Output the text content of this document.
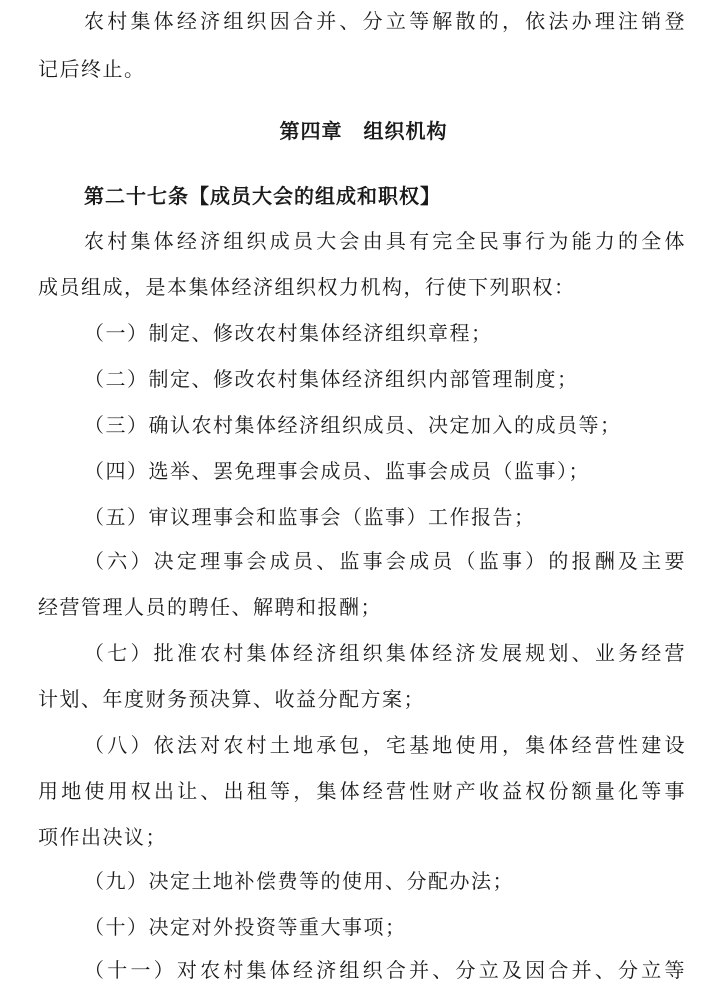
农村集体经济组织因合并、分立等解散的，依法办理注销登
记后终止。
第四章　组织机构
第二十七条【成员大会的组成和职权】
农村集体经济组织成员大会由具有完全民事行为能力的全体
成员组成，是本集体经济组织权力机构，行使下列职权：
（一）制定、修改农村集体经济组织章程；
（二）制定、修改农村集体经济组织内部管理制度；
（三）确认农村集体经济组织成员、决定加入的成员等；
（四）选举、罢免理事会成员、监事会成员（监事）；
（五）审议理事会和监事会（监事）工作报告；
（六）决定理事会成员、监事会成员（监事）的报酬及主要
经营管理人员的聘任、解聘和报酬；
（七）批准农村集体经济组织集体经济发展规划、业务经营
计划、年度财务预决算、收益分配方案；
（八）依法对农村土地承包，宅基地使用，集体经营性建设
用地使用权出让、出租等，集体经营性财产收益权份额量化等事
项作出决议；
（九）决定土地补偿费等的使用、分配办法；
（十）决定对外投资等重大事项；
（十一）对农村集体经济组织合并、分立及因合并、分立等
